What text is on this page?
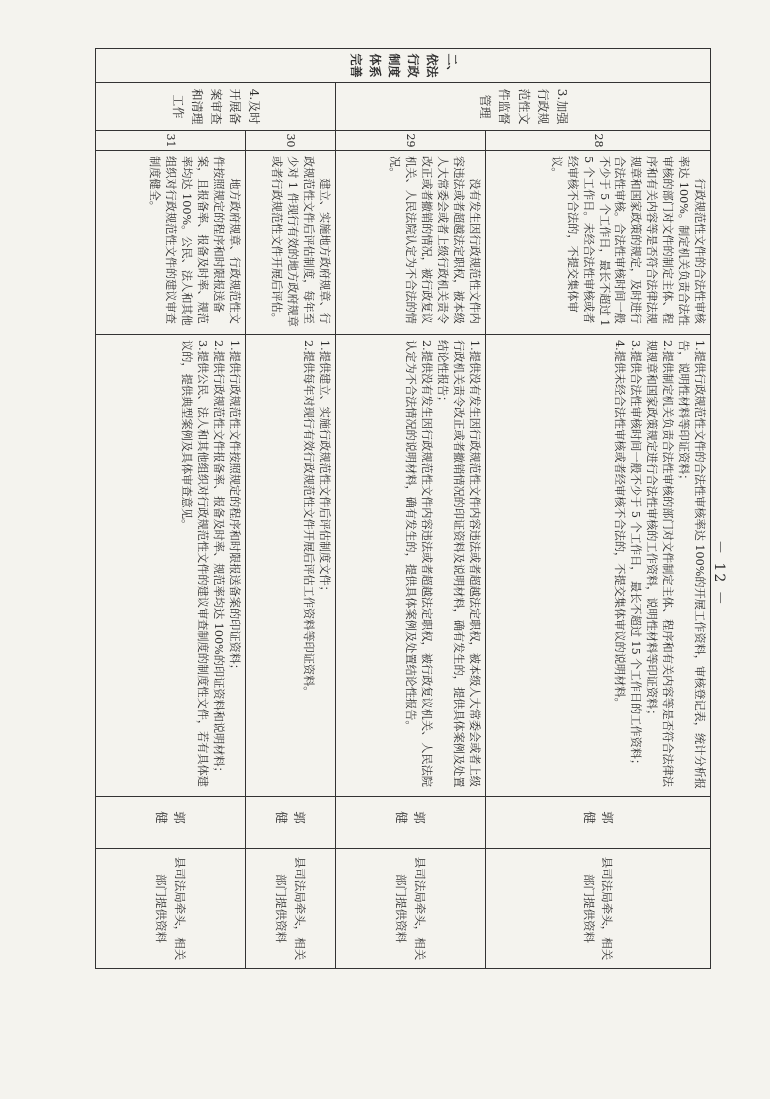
二、依法行政制度体系完善	3.加强行政规范性文件监督管理	28	行政规范性文件的合法性审核率达 100%。制定机关负责合法性审核的部门对文件的制定主体、程序和有关内容等是否符合法律法规规章和国家政策的规定，及时进行合法性审核。合法性审核时间一般不少于 5 个工作日，最长不超过 15 个工作日。未经合法性审核或者经审核不合法的，不提交集体审议。	1.提供行政规范性文件的合法性审核率达 100%的开展工作资料，审核登记表，统计分析报告，说明性材料等印证资料；
2.提供制定机关负责合法性审核的部门对文件制定主体、程序和有关内容等是否符合法律法规规章和国家政策规定进行合法性审核的工作资料，说明性材料等印证资料；
3.提供合法性审核时间一般不少于 5 个工作日， 最长不超过 15 个工作日的工作资料；
4.提供未经合法性审核或者经审核不合法的，不提交集体审议的说明材料。	郭 健	县司法局牵头，相关部门提供资料
		29	没有发生因行政规范性文件内容违法或者超越法定职权，被本级人大常委会或者上级行政机关责令改正或者撤销的情况，被行政复议机关、人民法院认定为不合法的情况。	1.提供没有发生因行政规范性文件内容违法或者超越法定职权，被本级人大常委会或者上级行政机关责令改正或者撤销情况的印证资料及说明材料，确有发生的，提供具体案例及处置结论性报告；
2.提供没有发生因行政规范性文件内容违法或者超越法定职权，被行政复议机关、人民法院认定为不合法情况的说明材料，确有发生的，提供具体案例及处置结论性报告。	郭 健	县司法局牵头，相关部门提供资料
	4.及时开展备案审查和清理工作	30	建立、实施地方政府规章、行政规范性文件后评估制度，每年至少对 1 件现行有效的地方政府规章或者行政规范性文件开展后评估。	1.提供建立、实施行政规范性文件后评估制度文件；
2.提供每年对现行有效行政规范性文件开展后评估工作资料等印证资料。	郭 健	县司法局牵头，相关部门提供资料
		31	地方政府规章、行政规范性文件按照规定的程序和时限报送备案，且报备率、报备及时率、规范率均达 100%。公民、法人和其他组织对行政规范性文件的建议审查制度健全。	1.提供行政规范性文件按照规定的程序和时限报送备案的印证资料；
2.提供行政规范性文件报备率、报备及时率、规范率均达 100%的印证资料和说明材料；
3.提供公民、法人和其他组织对行政规范性文件的建议审查制度的制度性文件，若有具体建议的，提供典型案例及具体审查意见。	郭 健	县司法局牵头，相关部门提供资料
－ 12 －
